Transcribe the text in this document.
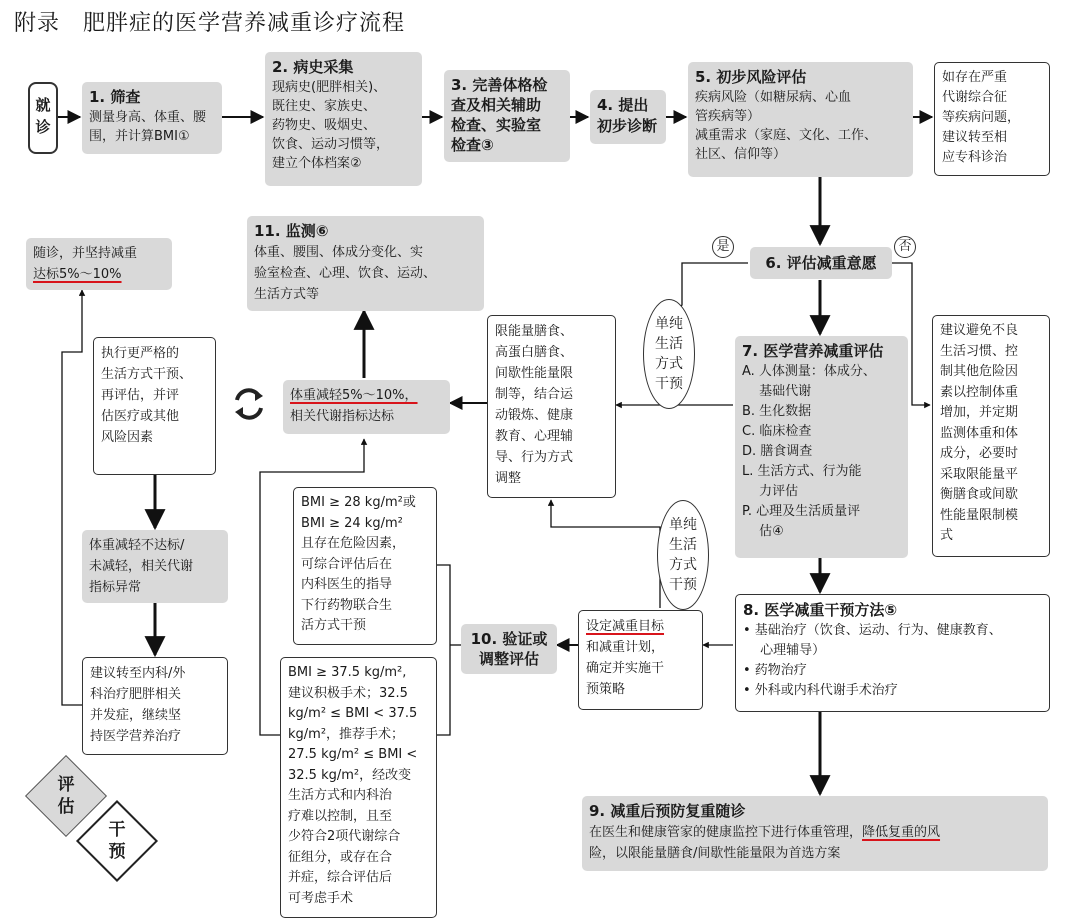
附录　肥胖症的医学营养减重诊疗流程
就诊
1. 筛查
测量身高、体重、腰
围，并计算BMI①
2. 病史采集
现病史(肥胖相关)、
既往史、家族史、
药物史、吸烟史、
饮食、运动习惯等，
建立个体档案②
3. 完善体格检
查及相关辅助
检查、实验室
检查③
4. 提出
初步诊断
5. 初步风险评估
疾病风险（如糖尿病、心血
管疾病等）
减重需求（家庭、文化、工作、
社区、信仰等）
如存在严重
代谢综合征
等疾病问题，
建议转至相
应专科诊治
6. 评估减重意愿
是	否
建议避免不良
生活习惯、控
制其他危险因
素以控制体重
增加，并定期
监测体重和体
成分，必要时
采取限能量平
衡膳食或间歇
性能量限制模
式
7. 医学营养减重评估
A. 人体测量：体成分、
　 基础代谢
B. 生化数据
C. 临床检查
D. 膳食调查
L. 生活方式、行为能
　 力评估
P. 心理及生活质量评
　 估④
8. 医学减重干预方法⑤
• 基础治疗（饮食、运动、行为、健康教育、
　 心理辅导）
• 药物治疗
• 外科或内科代谢手术治疗
9. 减重后预防复重随诊
在医生和健康管家的健康监控下进行体重管理，降低复重的风
险，以限能量膳食/间歇性能量限为首选方案
设定减重目标
和减重计划，
确定并实施干
预策略
10. 验证或
调整评估
单纯生活方式干预
单纯生活方式干预
限能量膳食、
高蛋白膳食、
间歇性能量限
制等，结合运
动锻炼、健康
教育、心理辅
导、行为方式
调整
体重减轻5%～10%，
相关代谢指标达标
11. 监测⑥
体重、腰围、体成分变化、实
验室检查、心理、饮食、运动、
生活方式等
随诊，并坚持减重
达标5%～10%
执行更严格的
生活方式干预、
再评估，并评
估医疗或其他
风险因素
体重减轻不达标/
未减轻，相关代谢
指标异常
建议转至内科/外
科治疗肥胖相关
并发症，继续坚
持医学营养治疗
BMI ≥ 28 kg/m²或
BMI ≥ 24 kg/m²
且存在危险因素，
可综合评估后在
内科医生的指导
下行药物联合生
活方式干预
BMI ≥ 37.5 kg/m²,
建议积极手术；32.5
kg/m² ≤ BMI < 37.5
kg/m²，推荐手术；
27.5 kg/m² ≤ BMI <
32.5 kg/m²，经改变
生活方式和内科治
疗难以控制，且至
少符合2项代谢综合
征组分，或存在合
并症，综合评估后
可考虑手术
评估
干预
